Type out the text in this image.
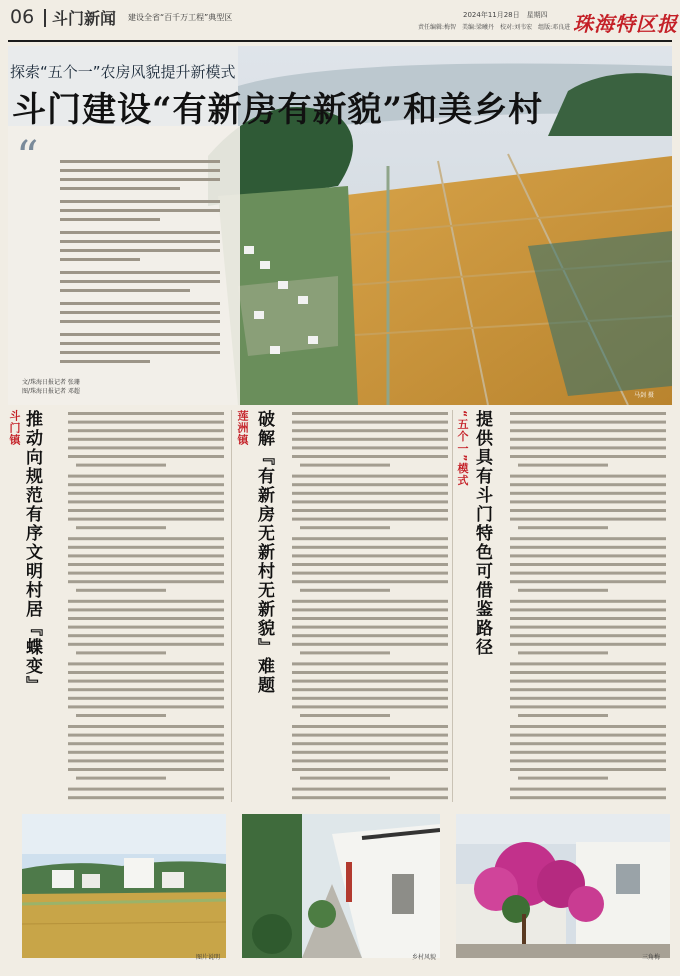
06 斗门新闻 建设全省“百千万工程”典型区	2024年11月28日　星期四
责任编辑:梅智　美编:梁曦丹　校对:刘韦宏　组版:邓良进 珠海特区报
探索“五个一”农房风貌提升新模式
斗门建设“有新房有新貌”和美乡村
“
马剑 摄
文/珠海日报记者 张珊
图/珠海日报记者 邓超
斗门镇 推动向规范有序文明村居『蝶变』	莲洲镇 破解『有新房无新村无新貌』难题	“五个一”模式 提供具有斗门特色可借鉴路径
图片说明	乡村风貌	三角梅
